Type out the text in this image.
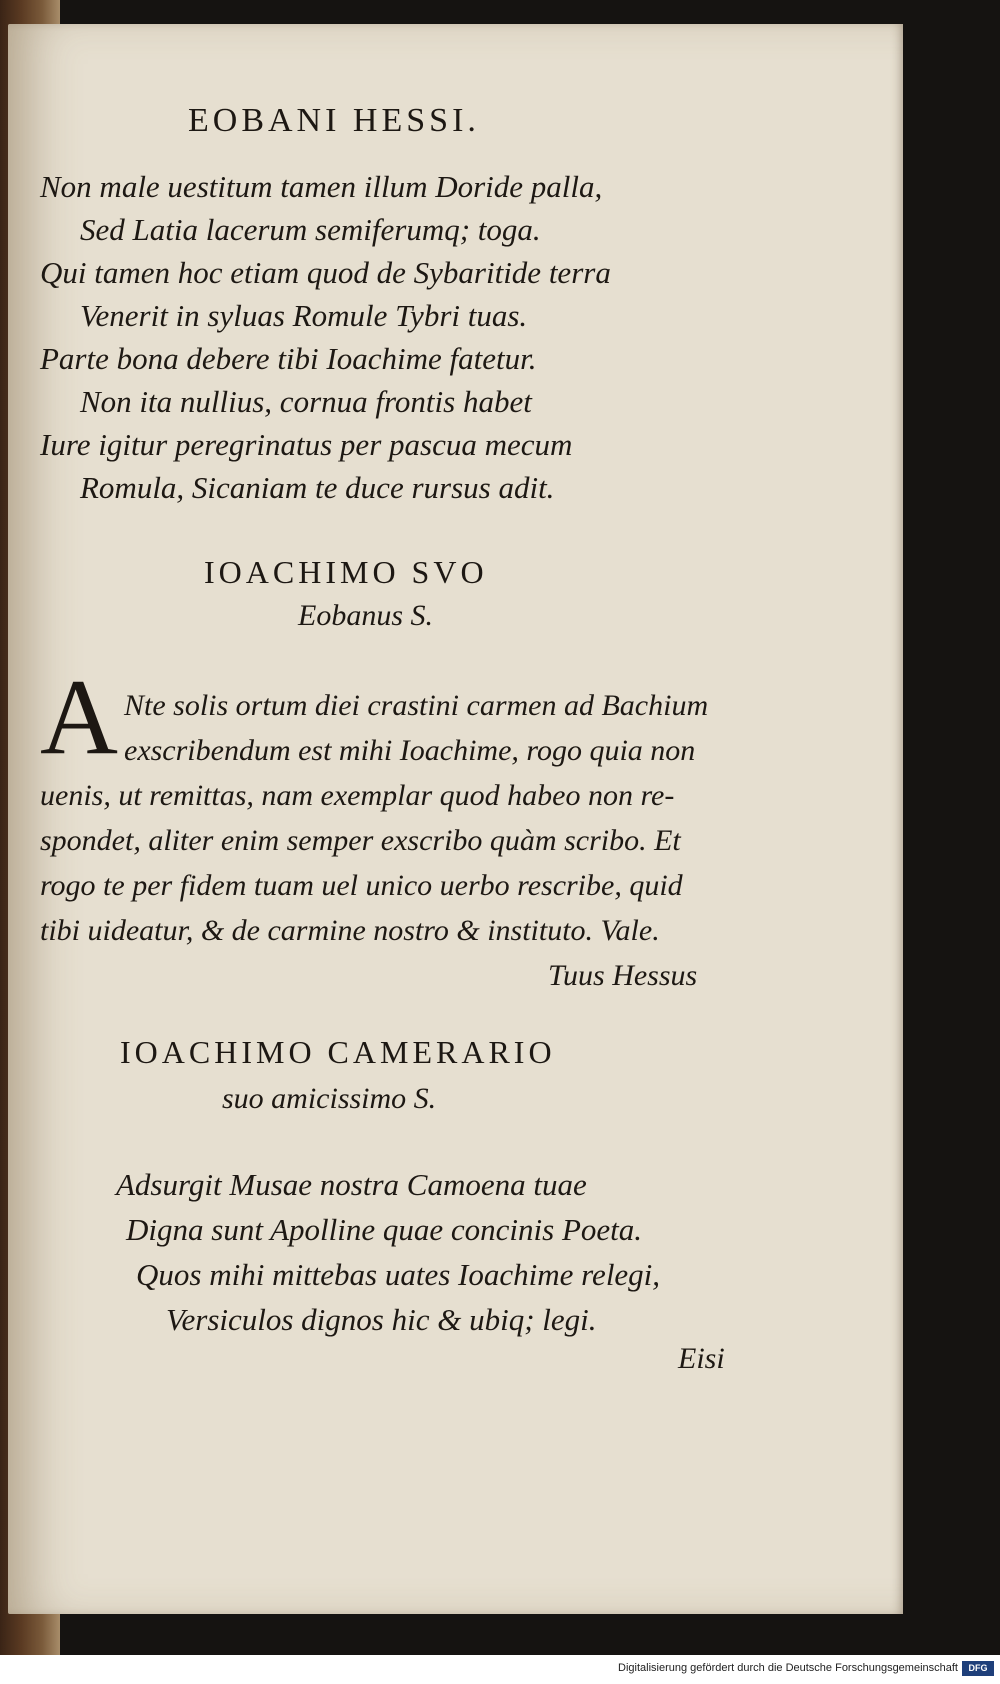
EOBANI HESSI.
Non male uestitum tamen illum Doride palla,
Sed Latia lacerum semiferumq; toga.
Qui tamen hoc etiam quod de Sybaritide terra
Venerit in syluas Romule Tybri tuas.
Parte bona debere tibi Ioachime fatetur.
Non ita nullius, cornua frontis habet
Iure igitur peregrinatus per pascua mecum
Romula, Sicaniam te duce rursus adit.
IOACHIMO SVO
Eobanus S.
A Nte solis ortum diei crastini carmen ad Bachium
exscribendum est mihi Ioachime, rogo quia non
uenis, ut remittas, nam exemplar quod habeo non re-
spondet, aliter enim semper exscribo quàm scribo. Et
rogo te per fidem tuam uel unico uerbo rescribe, quid
tibi uideatur, & de carmine nostro & instituto. Vale.
Tuus Hessus
IOACHIMO CAMERARIO
suo amicissimo S.
Adsurgit Musae nostra Camoena tuae
Digna sunt Apolline quae concinis Poeta.
Quos mihi mittebas uates Ioachime relegi,
Versiculos dignos hic & ubiq; legi.
Eisi
Digitalisierung gefördert durch die Deutsche Forschungsgemeinschaft	DFG
